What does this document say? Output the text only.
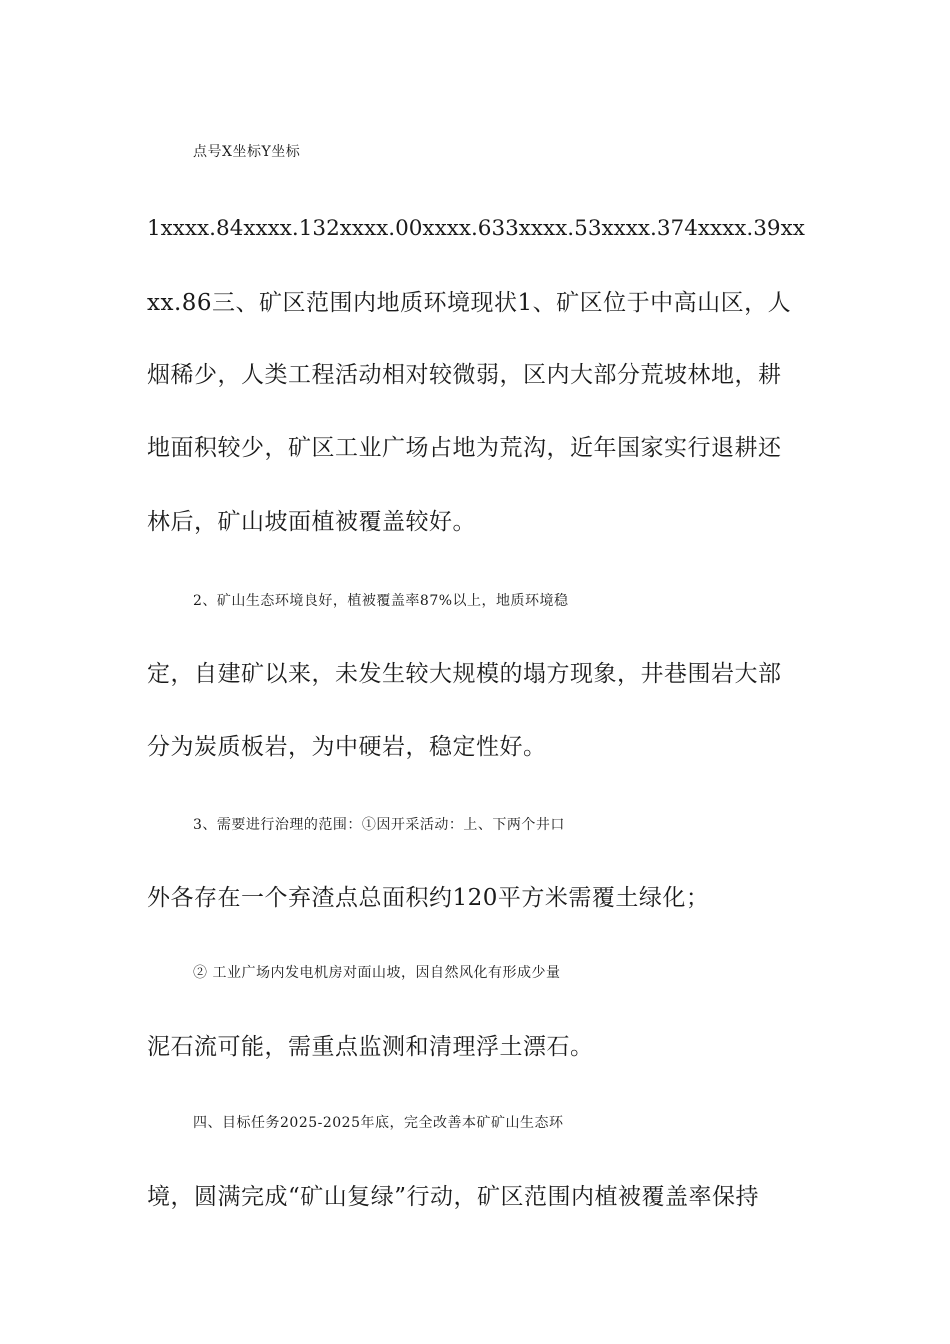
点号X坐标Y坐标
1xxxx.84xxxx.132xxxx.00xxxx.633xxxx.53xxxx.374xxxx.39xx
xx.86三、矿区范围内地质环境现状1、矿区位于中高山区，人
烟稀少，人类工程活动相对较微弱，区内大部分荒坡林地，耕
地面积较少，矿区工业广场占地为荒沟，近年国家实行退耕还
林后，矿山坡面植被覆盖较好。
2、矿山生态环境良好，植被覆盖率87%以上，地质环境稳
定，自建矿以来，未发生较大规模的塌方现象，井巷围岩大部
分为炭质板岩，为中硬岩，稳定性好。
3、需要进行治理的范围：①因开采活动：上、下两个井口
外各存在一个弃渣点总面积约120平方米需覆土绿化；
② 工业广场内发电机房对面山坡，因自然风化有形成少量
泥石流可能，需重点监测和清理浮土漂石。
四、目标任务2025-2025年底，完全改善本矿矿山生态环
境，圆满完成“矿山复绿”行动，矿区范围内植被覆盖率保持
